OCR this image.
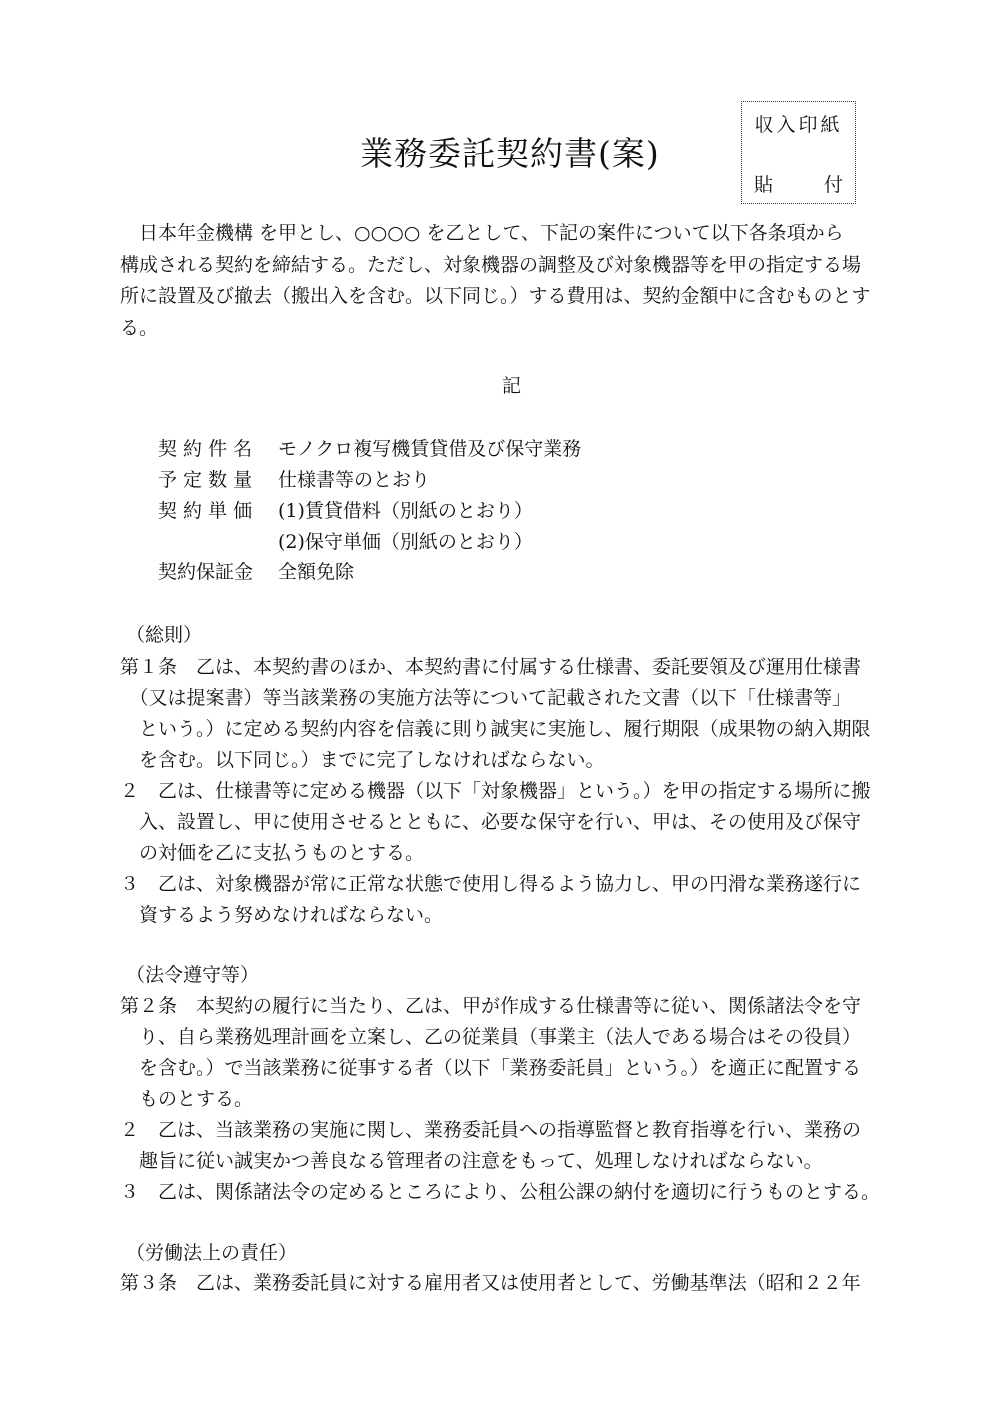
収入印紙
貼	付
業務委託契約書(案)
　日本年金機構 を甲とし、○○○○ を乙として、下記の案件について以下各条項から
構成される契約を締結する。ただし、対象機器の調整及び対象機器等を甲の指定する場
所に設置及び撤去（搬出入を含む。以下同じ。）する費用は、契約金額中に含むものとす
る。
記
契 約 件 名 モノクロ複写機賃貸借及び保守業務
予 定 数 量 仕様書等のとおり
契 約 単 価 (1)賃貸借料（別紙のとおり）
(2)保守単価（別紙のとおり）
契約保証金 全額免除
（総則）
第１条　乙は、本契約書のほか、本契約書に付属する仕様書、委託要領及び運用仕様書
　（又は提案書）等当該業務の実施方法等について記載された文書（以下「仕様書等」
　という。）に定める契約内容を信義に則り誠実に実施し、履行期限（成果物の納入期限
　を含む。以下同じ。）までに完了しなければならない。
２　乙は、仕様書等に定める機器（以下「対象機器」という。）を甲の指定する場所に搬
　入、設置し、甲に使用させるとともに、必要な保守を行い、甲は、その使用及び保守
　の対価を乙に支払うものとする。
３　乙は、対象機器が常に正常な状態で使用し得るよう協力し、甲の円滑な業務遂行に
　資するよう努めなければならない。
（法令遵守等）
第２条　本契約の履行に当たり、乙は、甲が作成する仕様書等に従い、関係諸法令を守
　り、自ら業務処理計画を立案し、乙の従業員（事業主（法人である場合はその役員）
　を含む。）で当該業務に従事する者（以下「業務委託員」という。）を適正に配置する
　ものとする。
２　乙は、当該業務の実施に関し、業務委託員への指導監督と教育指導を行い、業務の
　趣旨に従い誠実かつ善良なる管理者の注意をもって、処理しなければならない。
３　乙は、関係諸法令の定めるところにより、公租公課の納付を適切に行うものとする。
（労働法上の責任）
第３条　乙は、業務委託員に対する雇用者又は使用者として、労働基準法（昭和２２年
